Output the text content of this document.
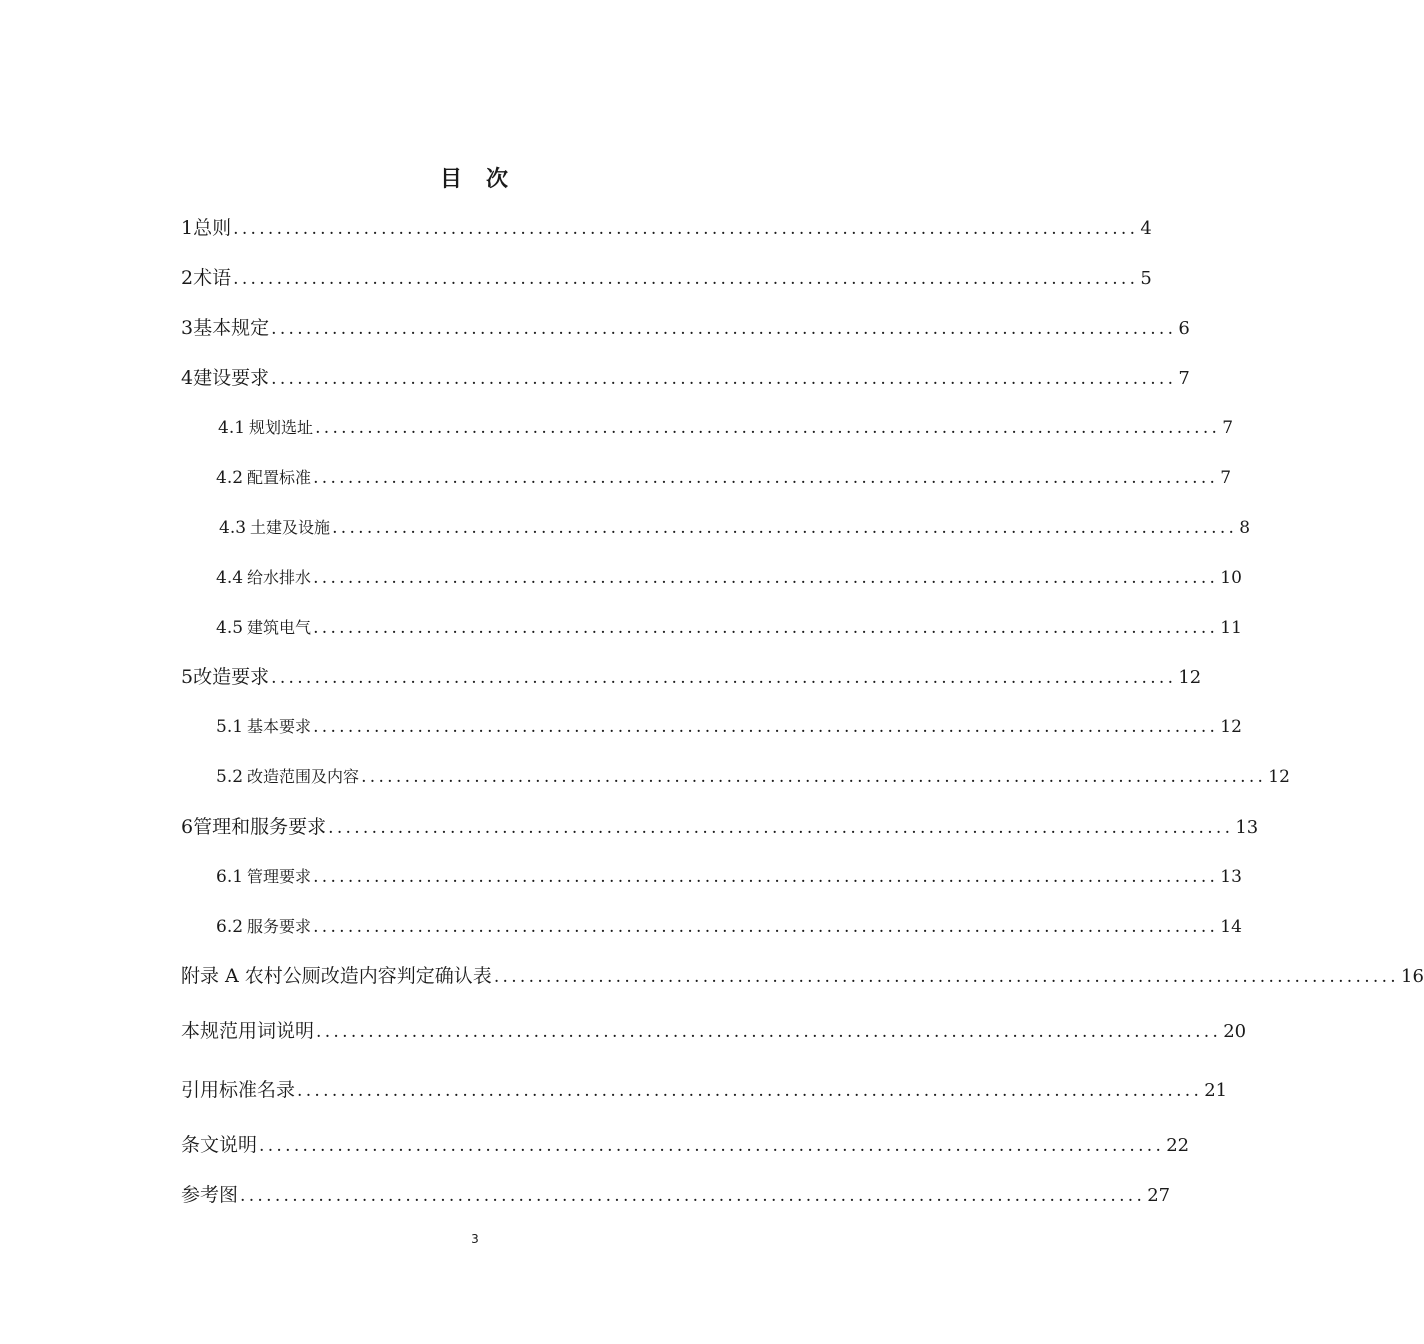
目 次
1 总则 ........................................................................................................ 4
2 术语 ........................................................................................................ 5
3 基本规定 ........................................................................................................ 6
4 建设要求 ........................................................................................................ 7
4.1 规划选址 ........................................................................................................ 7
4.2 配置标准 ........................................................................................................ 7
4.3 土建及设施 ........................................................................................................ 8
4.4 给水排水 ........................................................................................................ 10
4.5 建筑电气 ........................................................................................................ 11
5 改造要求 ........................................................................................................ 12
5.1 基本要求 ........................................................................................................ 12
5.2 改造范围及内容 ........................................................................................................ 12
6 管理和服务要求 ........................................................................................................ 13
6.1 管理要求 ........................................................................................................ 13
6.2 服务要求 ........................................................................................................ 14
附录 A 农村公厕改造内容判定确认表 ........................................................................................................ 16
本规范用词说明 ........................................................................................................ 20
引用标准名录 ........................................................................................................ 21
条文说明 ........................................................................................................ 22
参考图 ........................................................................................................ 27
3
